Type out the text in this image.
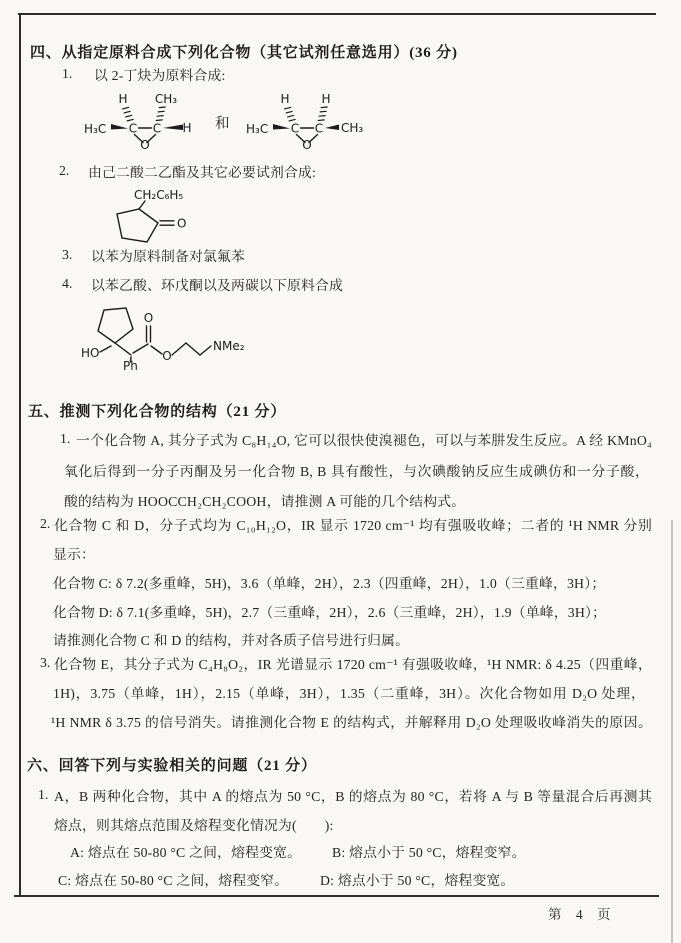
四、从指定原料合成下列化合物（其它试剂任意选用）(36 分)
1. 以 2-丁炔为原料合成:
H₃C
H
C C
O
CH₃
H 和 H₃C
H
C C
O
H
CH₃
2. 由己二酸二乙酯及其它必要试剂合成:
CH₂C₆H₅
O
3. 以苯为原料制备对氯氟苯
4. 以苯乙酸、环戊酮以及两碳以下原料合成
HO
Ph
O
O
NMe₂
五、推测下列化合物的结构（21 分）
1. 一个化合物 A, 其分子式为 C₈H₁₄O, 它可以很快使溴褪色，可以与苯肼发生反应。A 经 KMnO₄
氧化后得到一分子丙酮及另一化合物 B, B 具有酸性，与次碘酸钠反应生成碘仿和一分子酸，
酸的结构为 HOOCCH₂CH₂COOH，请推测 A 可能的几个结构式。
2. 化合物 C 和 D，分子式均为 C₁₀H₁₂O，IR 显示 1720 cm⁻¹ 均有强吸收峰；二者的 ¹H NMR 分别
显示：
化合物 C: δ 7.2(多重峰，5H)，3.6（单峰，2H），2.3（四重峰，2H），1.0（三重峰，3H）；
化合物 D: δ 7.1(多重峰，5H)，2.7（三重峰，2H），2.6（三重峰，2H），1.9（单峰，3H）；
请推测化合物 C 和 D 的结构，并对各质子信号进行归属。
3. 化合物 E，其分子式为 C₄H₈O₂，IR 光谱显示 1720 cm⁻¹ 有强吸收峰，¹H NMR: δ 4.25（四重峰，
1H)，3.75（单峰，1H），2.15（单峰，3H），1.35（二重峰，3H）。次化合物如用 D₂O 处理，
¹H NMR δ 3.75 的信号消失。请推测化合物 E 的结构式，并解释用 D₂O 处理吸收峰消失的原因。
六、回答下列与实验相关的问题（21 分）
1. A，B 两种化合物，其中 A 的熔点为 50 °C，B 的熔点为 80 °C，若将 A 与 B 等量混合后再测其
熔点，则其熔点范围及熔程变化情况为(　　):
A: 熔点在 50-80 °C 之间，熔程变宽。 B: 熔点小于 50 °C，熔程变窄。
C: 熔点在 50-80 °C 之间，熔程变窄。 D: 熔点小于 50 °C，熔程变宽。
第 4 页
